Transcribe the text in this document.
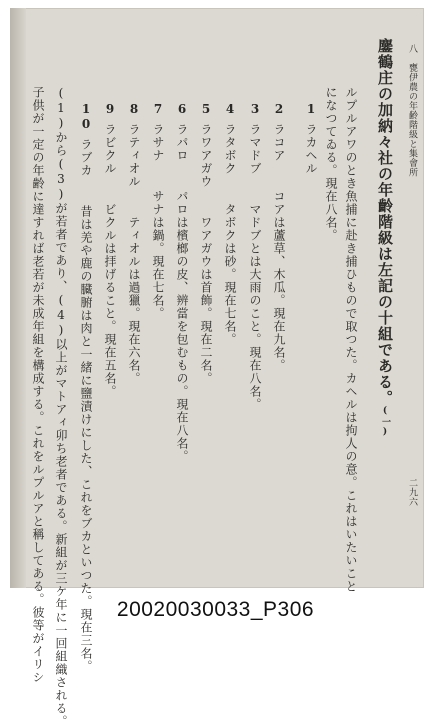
八　甕伊農の年齢階級と集會所
二九六
鏖鶴庄の加納々社の年齡階級は左記の十組である。(一)
ルプルアワのとき魚捕に赴き捕ひもので取つた。カヘルは拘人の意。これはいたいこと
になつてゐる。現在八名。
1ラカヘル
2ラコアコアは蘆草、木瓜。現在九名。
3ラマドブマドブとは大雨のこと。現在八名。
4ラタボクタボクは砂。現在七名。
5ラワアガウワアガウは首飾。現在二名。
6ラパロパロは檳榔の皮、辨當を包むもの。現在八名。
7ラサナサナは鍋。現在七名。
8ラティオルティオルは過獵。現在六名。
9ラビクルビクルは拝げること。現在五名。
10ラブカ昔は羌や鹿の臓腑は肉と一緒に鹽漬けにした、これをブカといつた。現在三名。
(1)から(3)が若者であり、(4)以上がマトアィ卯ち老者である。新組が三ケ年に一回組織される。
子供が一定の年齢に達すれば老若が未成年組を構成する。これをルプルアと稱してある。彼等がイリシ	20020030033_P306
